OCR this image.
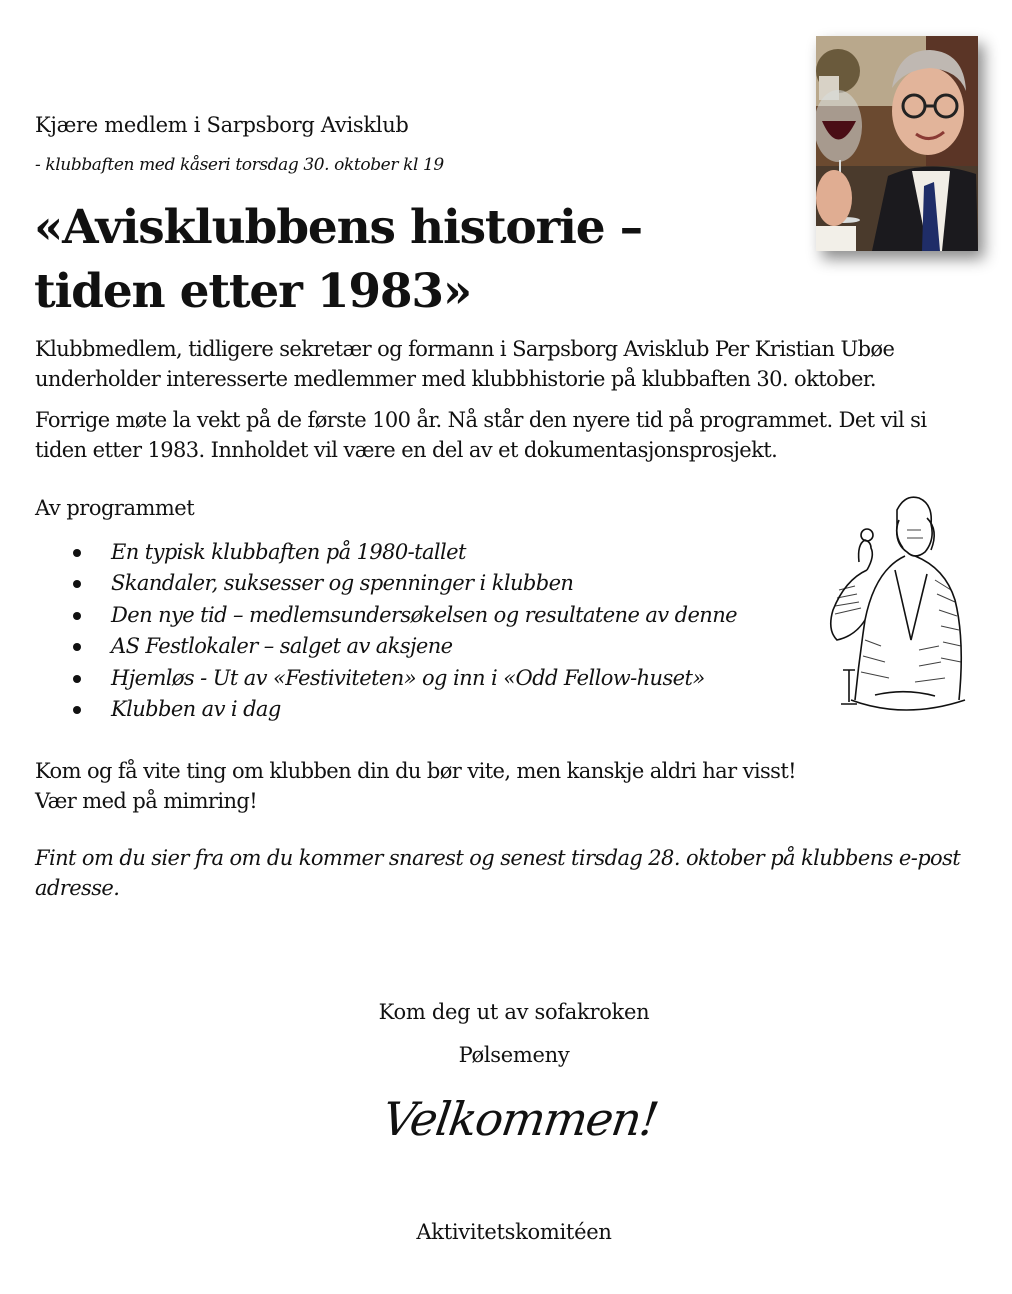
Kjære medlem i Sarpsborg Avisklub
- klubbaften med kåseri torsdag 30. oktober kl 19
«Avisklubbens historie –
tiden etter 1983»

Klubbmedlem, tidligere sekretær og formann i Sarpsborg Avisklub Per Kristian Ubøe
underholder interesserte medlemmer med klubbhistorie på klubbaften 30. oktober.

Forrige møte la vekt på de første 100 år. Nå står den nyere tid på programmet. Det vil si
tiden etter 1983. Innholdet vil være en del av et dokumentasjonsprosjekt.

Av programmet
En typisk klubbaften på 1980-tallet
Skandaler, suksesser og spenninger i klubben
Den nye tid – medlemsundersøkelsen og resultatene av denne
AS Festlokaler – salget av aksjene
Hjemløs - Ut av «Festiviteten» og inn i «Odd Fellow-huset»
Klubben av i dag

Kom og få vite ting om klubben din du bør vite, men kanskje aldri har visst!
Vær med på mimring!

Fint om du sier fra om du kommer snarest og senest tirsdag 28. oktober på klubbens e-post
adresse.

Kom deg ut av sofakroken
Pølsemeny
Velkommen!
Aktivitetskomitéen
